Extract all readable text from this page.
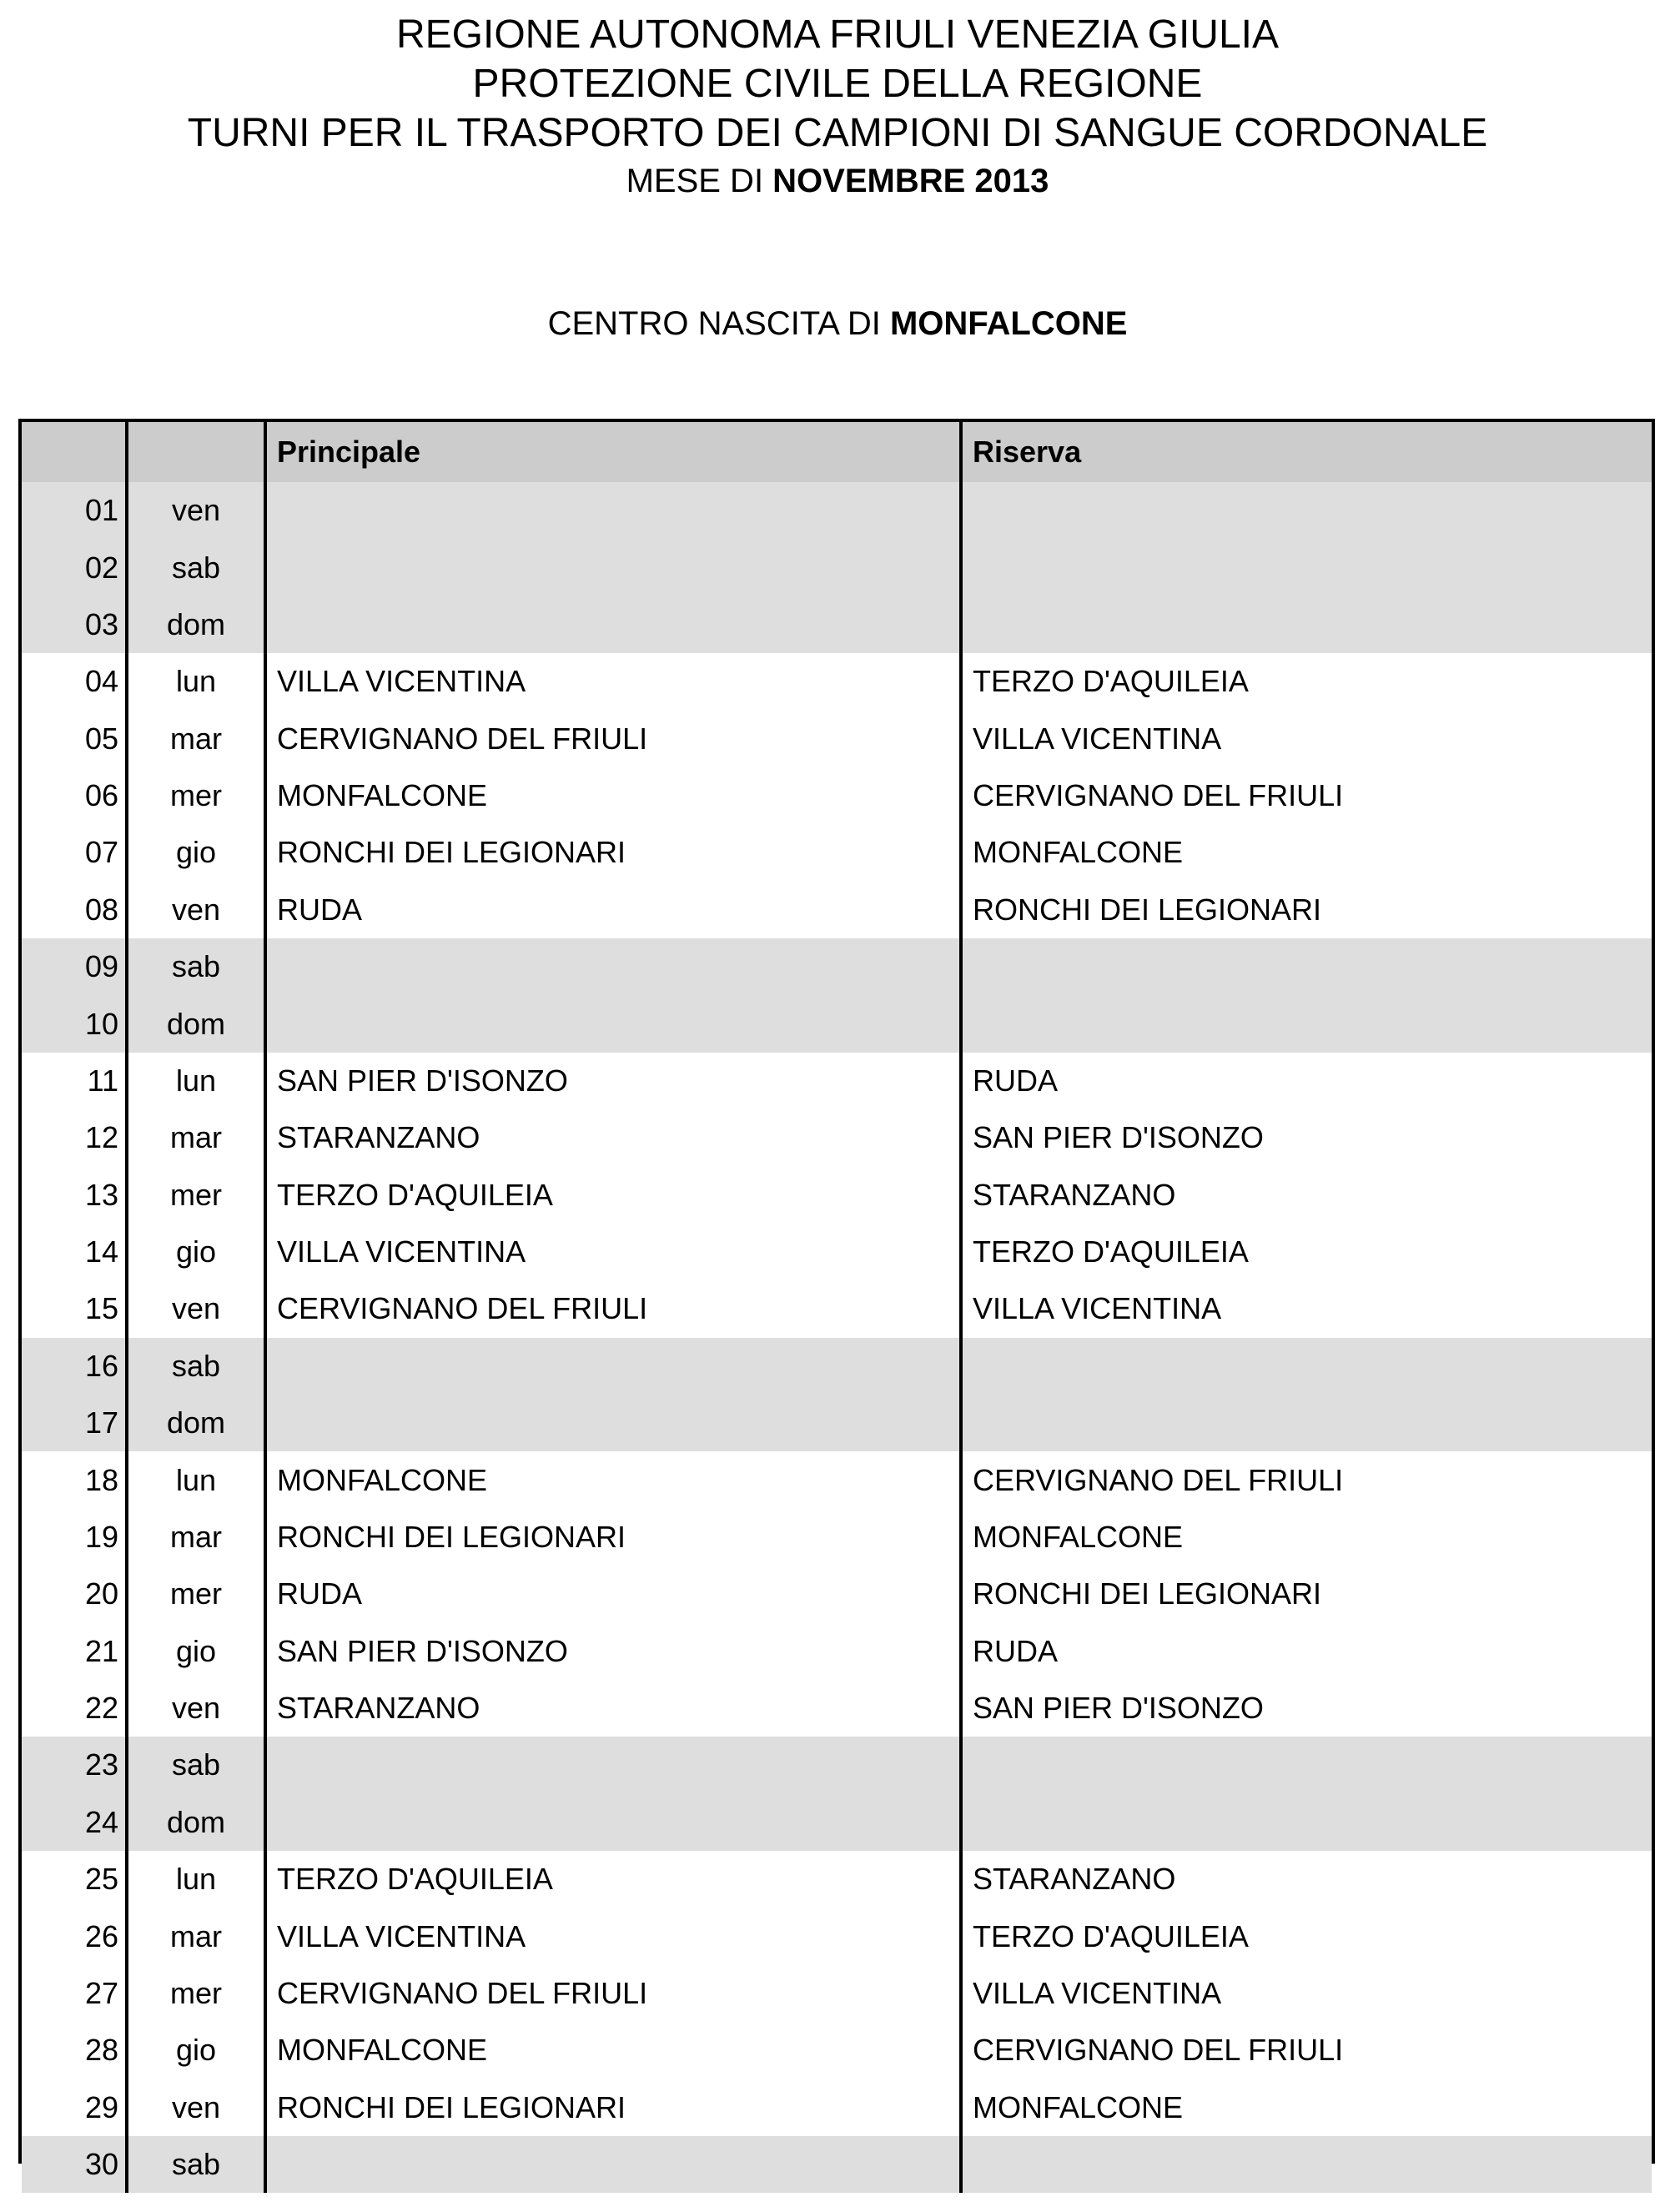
REGIONE AUTONOMA FRIULI VENEZIA GIULIA
PROTEZIONE CIVILE DELLA REGIONE
TURNI PER IL TRASPORTO DEI CAMPIONI DI SANGUE CORDONALE
MESE DI NOVEMBRE 2013
CENTRO NASCITA DI MONFALCONE
		Principale	Riserva
01	ven		
02	sab		
03	dom		
04	lun	VILLA VICENTINA	TERZO D'AQUILEIA
05	mar	CERVIGNANO DEL FRIULI	VILLA VICENTINA
06	mer	MONFALCONE	CERVIGNANO DEL FRIULI
07	gio	RONCHI DEI LEGIONARI	MONFALCONE
08	ven	RUDA	RONCHI DEI LEGIONARI
09	sab		
10	dom		
11	lun	SAN PIER D'ISONZO	RUDA
12	mar	STARANZANO	SAN PIER D'ISONZO
13	mer	TERZO D'AQUILEIA	STARANZANO
14	gio	VILLA VICENTINA	TERZO D'AQUILEIA
15	ven	CERVIGNANO DEL FRIULI	VILLA VICENTINA
16	sab		
17	dom		
18	lun	MONFALCONE	CERVIGNANO DEL FRIULI
19	mar	RONCHI DEI LEGIONARI	MONFALCONE
20	mer	RUDA	RONCHI DEI LEGIONARI
21	gio	SAN PIER D'ISONZO	RUDA
22	ven	STARANZANO	SAN PIER D'ISONZO
23	sab		
24	dom		
25	lun	TERZO D'AQUILEIA	STARANZANO
26	mar	VILLA VICENTINA	TERZO D'AQUILEIA
27	mer	CERVIGNANO DEL FRIULI	VILLA VICENTINA
28	gio	MONFALCONE	CERVIGNANO DEL FRIULI
29	ven	RONCHI DEI LEGIONARI	MONFALCONE
30	sab		
